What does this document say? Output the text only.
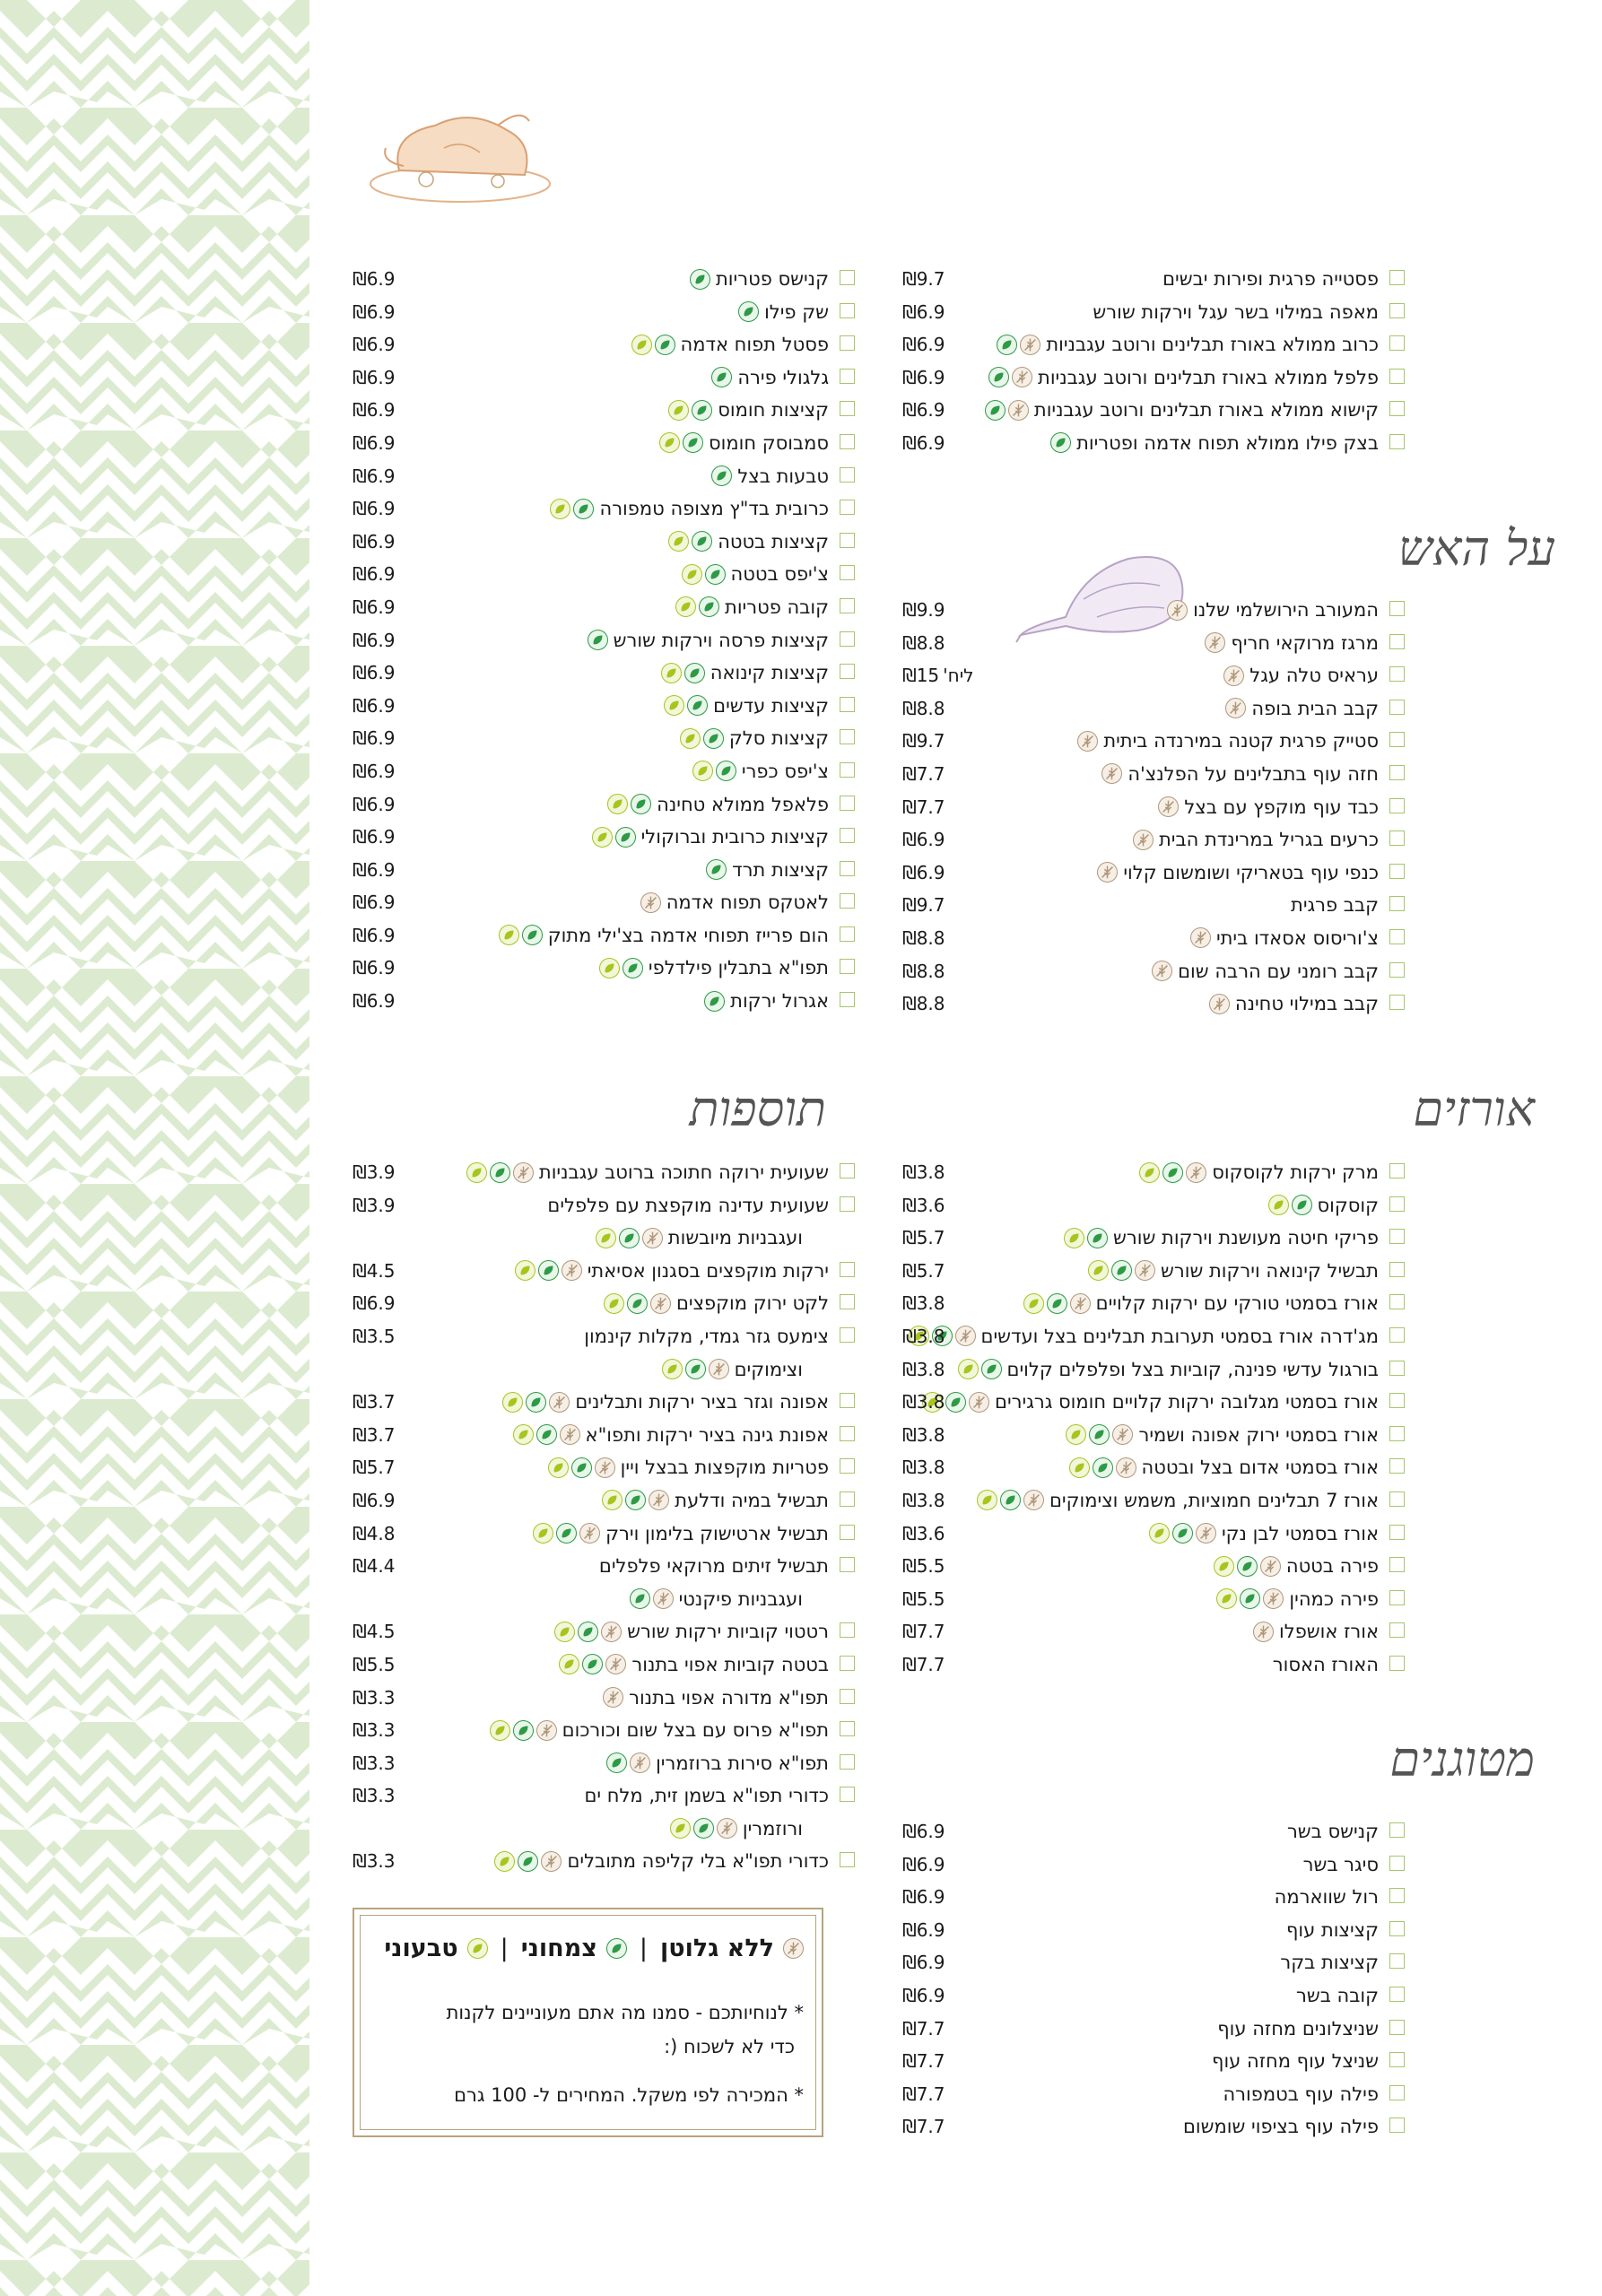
על האש
אורזים
תוספות
מטוגנים
פסטייה פרגית ופירות יבשים
₪9.7
מאפה במילוי בשר עגל וירקות שורש
₪6.9
כרוב ממולא באורז תבלינים ורוטב עגבניות
₪6.9
פלפל ממולא באורז תבלינים ורוטב עגבניות
₪6.9
קישוא ממולא באורז תבלינים ורוטב עגבניות
₪6.9
בצק פילו ממולא תפוח אדמה ופטריות
₪6.9
המעורב הירושלמי שלנו
₪9.9
מרגז מרוקאי חריף
₪8.8
עראיס טלה עגל
ליח'₪15
קבב הבית בופה
₪8.8
סטייק פרגית קטנה במירנדה ביתית
₪9.7
חזה עוף בתבלינים על הפלנצ'ה
₪7.7
כבד עוף מוקפץ עם בצל
₪7.7
כרעים בגריל במרינדת הבית
₪6.9
כנפי עוף בטאריקי ושומשום קלוי
₪6.9
קבב פרגית
₪9.7
צ'וריסוס אסאדו ביתי
₪8.8
קבב רומני עם הרבה שום
₪8.8
קבב במילוי טחינה
₪8.8
קנישס פטריות
₪6.9
שק פילו
₪6.9
פסטל תפוח אדמה
₪6.9
גלגולי פירה
₪6.9
קציצות חומוס
₪6.9
סמבוסק חומוס
₪6.9
טבעות בצל
₪6.9
כרובית בד"ץ מצופה טמפורה
₪6.9
קציצות בטטה
₪6.9
צ'יפס בטטה
₪6.9
קובה פטריות
₪6.9
קציצות פרסה וירקות שורש
₪6.9
קציצות קינואה
₪6.9
קציצות עדשים
₪6.9
קציצות סלק
₪6.9
צ'יפס כפרי
₪6.9
פלאפל ממולא טחינה
₪6.9
קציצות כרובית וברוקולי
₪6.9
קציצות תרד
₪6.9
לאטקס תפוח אדמה
₪6.9
הום פרייז תפוחי אדמה בצ'ילי מתוק
₪6.9
תפו"א בתבלין פילדלפי
₪6.9
אגרול ירקות
₪6.9
מרק ירקות לקוסקוס
₪3.8
קוסקוס
₪3.6
פריקי חיטה מעושנת וירקות שורש
₪5.7
תבשיל קינואה וירקות שורש
₪5.7
אורז בסמטי טורקי עם ירקות קלויים
₪3.8
מג'דרה אורז בסמטי תערובת תבלינים בצל ועדשים
₪3.8
בורגול עדשי פנינה, קוביות בצל ופלפלים קלוים
₪3.8
אורז בסמטי מגלובה ירקות קלויים חומוס גרגירים
₪3.8
אורז בסמטי ירוק אפונה ושמיר
₪3.8
אורז בסמטי אדום בצל ובטטה
₪3.8
אורז 7 תבלינים חמוציות, משמש וצימוקים
₪3.8
אורז בסמטי לבן נקי
₪3.6
פירה בטטה
₪5.5
פירה כמהין
₪5.5
אורז אושפלו
₪7.7
האורז האסור
₪7.7
שעועית ירוקה חתוכה ברוטב עגבניות
₪3.9
שעועית עדינה מוקפצת עם פלפלים
₪3.9
ועגבניות מיובשות
ירקות מוקפצים בסגנון אסיאתי
₪4.5
לקט ירוק מוקפצים
₪6.9
צימעס גזר גמדי, מקלות קינמון
₪3.5
וצימוקים
אפונה וגזר בציר ירקות ותבלינים
₪3.7
אפונת גינה בציר ירקות ותפו"א
₪3.7
פטריות מוקפצות בבצל ויין
₪5.7
תבשיל במיה ודלעת
₪6.9
תבשיל ארטישוק בלימון וירק
₪4.8
תבשיל זיתים מרוקאי פלפלים
₪4.4
ועגבניות פיקנטי
רטטוי קוביות ירקות שורש
₪4.5
בטטה קוביות אפוי בתנור
₪5.5
תפו"א מדורה אפוי בתנור
₪3.3
תפו"א פרוס עם בצל שום וכורכום
₪3.3
תפו"א סירות ברוזמרין
₪3.3
כדורי תפו"א בשמן זית, מלח ים
₪3.3
ורוזמרין
כדורי תפו"א בלי קליפה מתובלים
₪3.3
קנישס בשר
₪6.9
סיגר בשר
₪6.9
רול שווארמה
₪6.9
קציצות עוף
₪6.9
קציצות בקר
₪6.9
קובה בשר
₪6.9
שניצלונים מחזה עוף
₪7.7
שניצל עוף מחזה עוף
₪7.7
פילה עוף בטמפורה
₪7.7
פילה עוף בציפוי שומשום
₪7.7
ללא גלוטן
|
צמחוני
|
טבעוני
* לנוחיותכם - סמנו מה אתם מעוניינים לקנות
כדי לא לשכוח (:
* המכירה לפי משקל. המחירים ל- 100 גרם
